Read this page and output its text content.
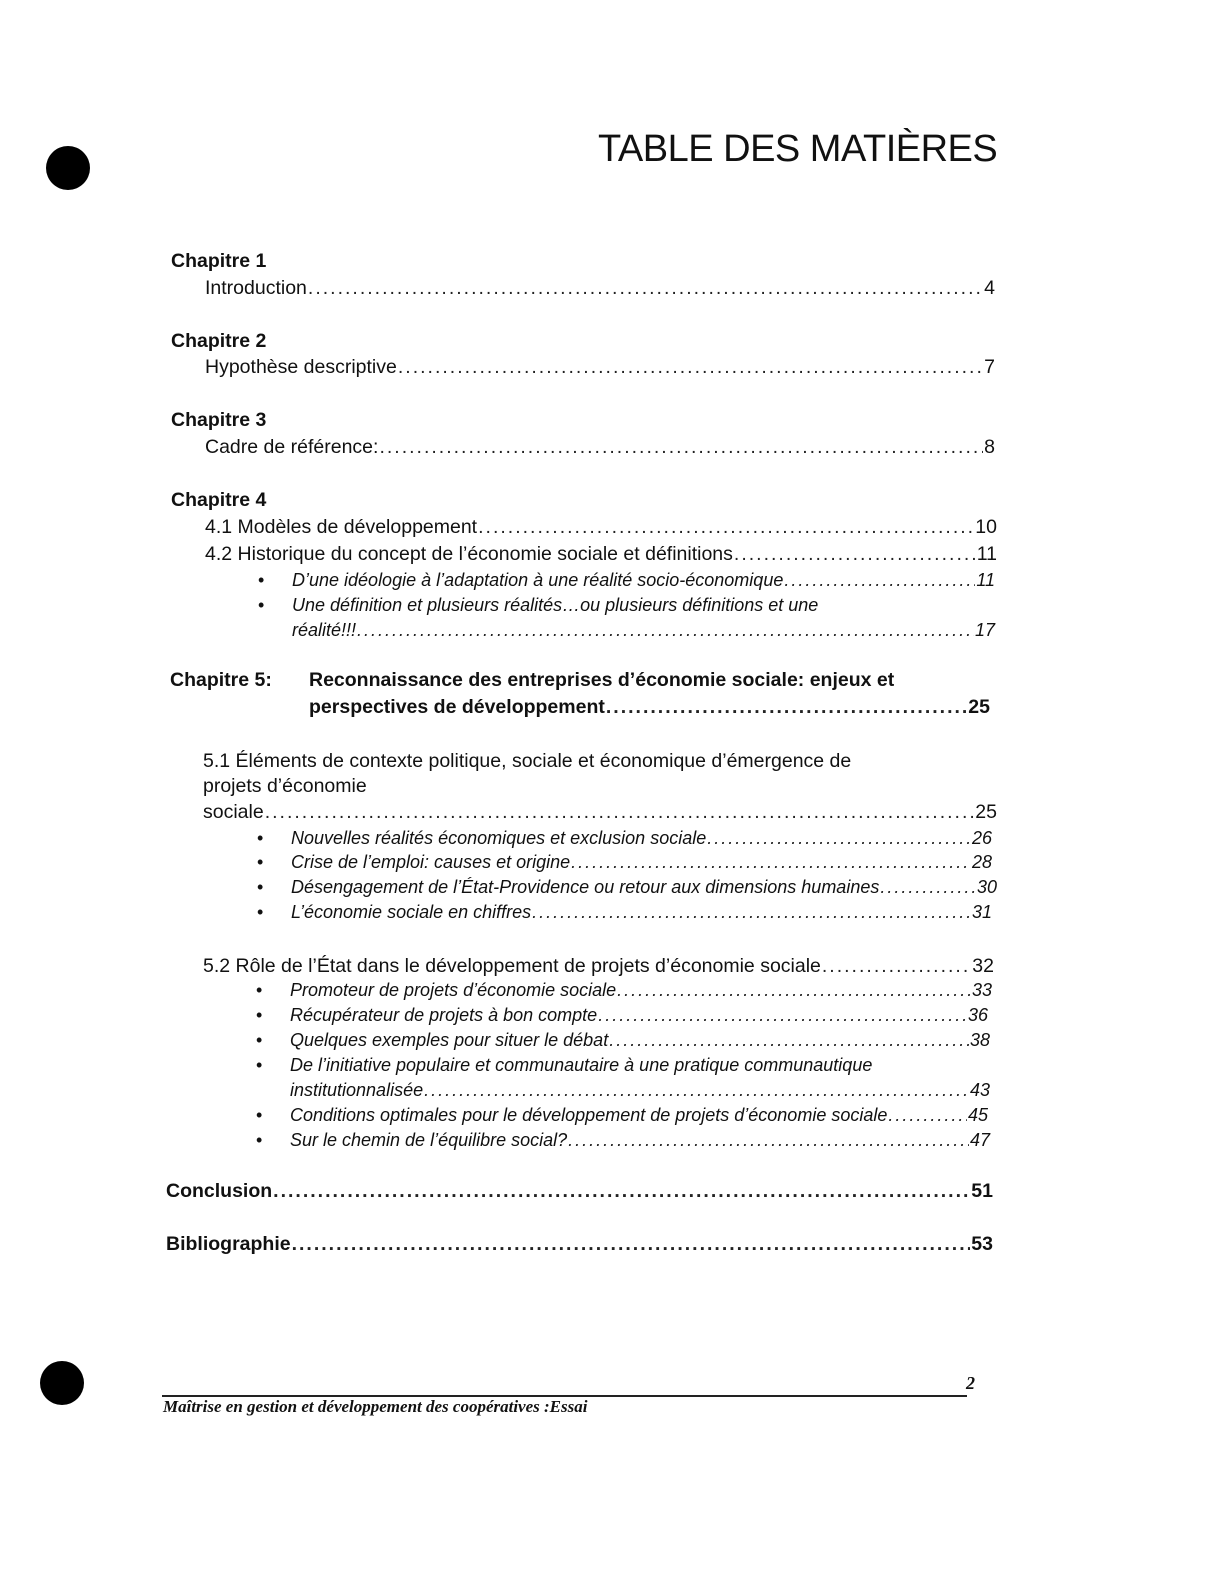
TABLE DES MATIÈRES
Chapitre 1
Introduction .....	4
Chapitre 2
Hypothèse descriptive .....	7
Chapitre 3
Cadre de référence: .....	8
Chapitre 4
4.1 Modèles de développement .....	10
4.2 Historique du concept de l’économie sociale et définitions .....	11
D’une idéologie à l’adaptation à une réalité socio-économique .....	11
•
Une définition et plusieurs réalités…ou plusieurs définitions et une
•
réalité!!! .....	17
Chapitre 5: Reconnaissance des entreprises d’économie sociale: enjeux et
perspectives de développement .....	25
5.1 Éléments de contexte politique, sociale et économique d’émergence de
projets d’économie
sociale .....	25
Nouvelles réalités économiques et exclusion sociale .....	26
•
Crise de l’emploi: causes et origine .....	28
•
Désengagement de l’État-Providence ou retour aux dimensions humaines .....	30
•
L’économie sociale en chiffres .....	31
•
5.2 Rôle de l’État dans le développement de projets d’économie sociale .....	32
Promoteur de projets d’économie sociale .....	33
•
Récupérateur de projets à bon compte .....	36
•
Quelques exemples pour situer le débat .....	38
•
De l’initiative populaire et communautaire à une pratique communautique
•
institutionnalisée .....	43
Conditions optimales pour le développement de projets d’économie sociale .....	45
•
Sur le chemin de l’équilibre social? .....	47
•
Conclusion .....	51
Bibliographie .....	53
2
Maîtrise en gestion et développement des coopératives :Essai
